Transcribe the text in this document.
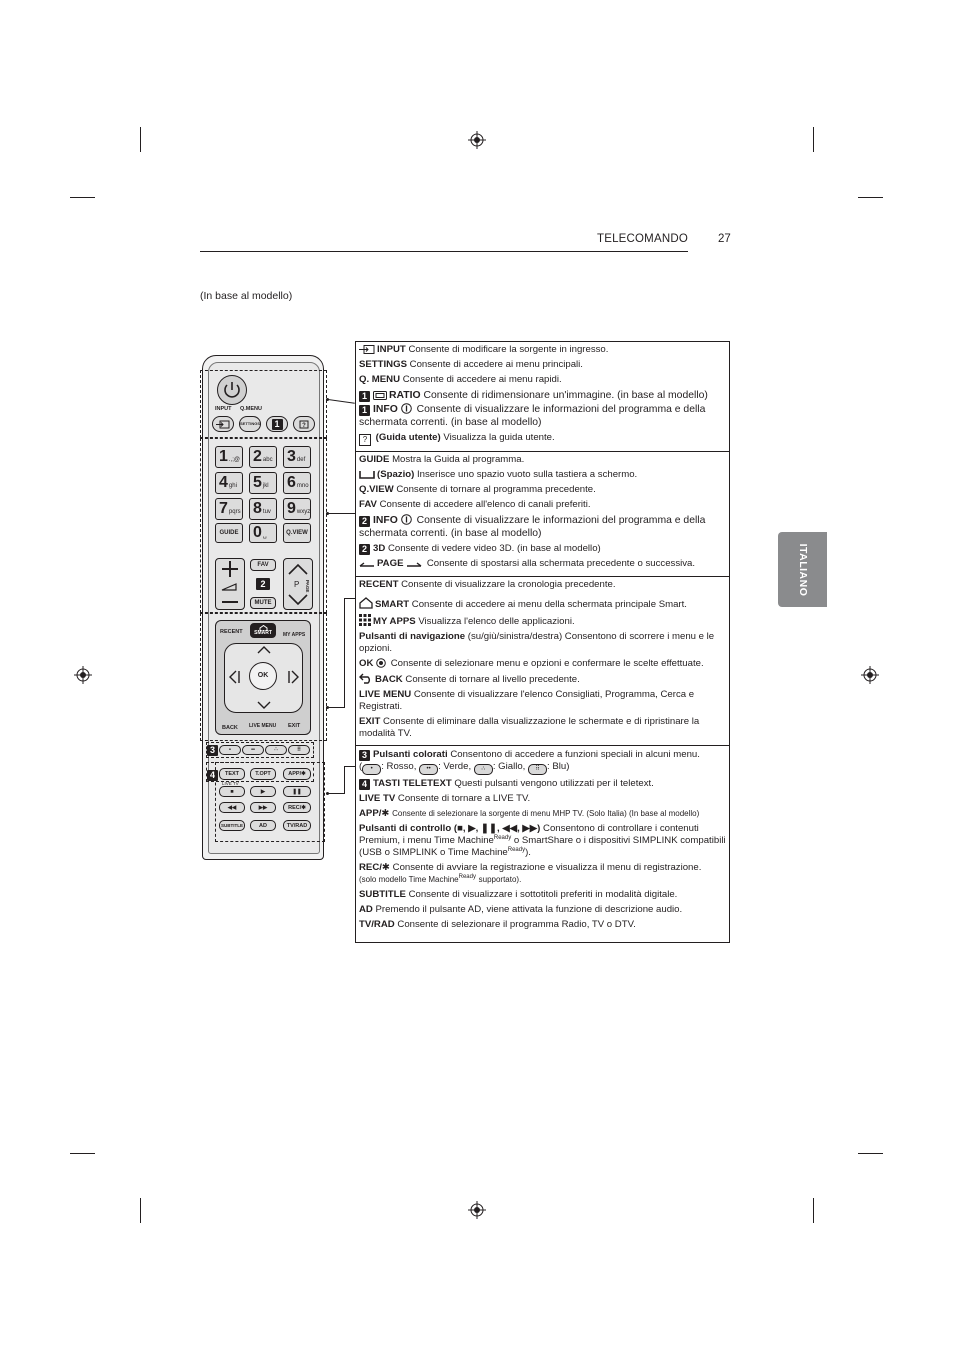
TELECOMANDO	27
(In base al modello)
ITALIANO
INPUT Q.MENU
SETTINGS	1	?
1 .,;@ 2 abc 3 def
4 ghi 5 jkl 6 mno
7 pqrs 8 tuv 9 wxyz
GUIDE 0 ␣	Q.VIEW
FAV
2
MUTE
P PAGE
RECENT SMART MY APPS
OK
BACK LIVE MENU EXIT
3	•	••	∴	⠿
4	TEXT	T.OPT	APP/✱
LIVE TV
■	▶	❚❚
◀◀	▶▶	REC/✱
SUBTITLE	AD	TV/RAD

INPUT Consente di modificare la sorgente in ingresso.

SETTINGS Consente di accedere ai menu principali.

Q. MENU Consente di accedere ai menu rapidi.

1 RATIO Consente di ridimensionare un'immagine. (in base al modello)

1 INFO Consente di visualizzare le informazioni del programma e della schermata correnti. (in base al modello)

? (Guida utente) Visualizza la guida utente.

GUIDE Mostra la Guida al programma.

(Spazio) Inserisce uno spazio vuoto sulla tastiera a schermo.

Q.VIEW Consente di tornare al programma precedente.

FAV Consente di accedere all'elenco di canali preferiti.

2 INFO Consente di visualizzare le informazioni del programma e della schermata correnti. (in base al modello)

2 3D Consente di vedere video 3D. (in base al modello)

PAGE Consente di spostarsi alla schermata precedente o successiva.

RECENT Consente di visualizzare la cronologia precedente.

SMART Consente di accedere ai menu della schermata principale Smart.

MY APPS Visualizza l'elenco delle applicazioni.

Pulsanti di navigazione (su/giù/sinistra/destra) Consentono di scorrere i menu e le opzioni.

OK Consente di selezionare menu e opzioni e confermare le scelte effettuate.

BACK Consente di tornare al livello precedente.

LIVE MENU Consente di visualizzare l'elenco Consigliati, Programma, Cerca e Registrati.

EXIT Consente di eliminare dalla visualizzazione le schermate e di ripristinare la modalità TV.

3 Pulsanti colorati Consentono di accedere a funzioni speciali in alcuni menu.
( • : Rosso, •• : Verde, ∴ : Giallo, ⠿ : Blu)

4 TASTI TELETEXT Questi pulsanti vengono utilizzati per il teletext.

LIVE TV Consente di tornare a LIVE TV.

APP/✱ Consente di selezionare la sorgente di menu MHP TV. (Solo Italia) (In base al modello)

Pulsanti di controllo (■, ▶, ❚❚, ◀◀, ▶▶) Consentono di controllare i contenuti Premium, i menu Time Machine$^{Ready}$ o SmartShare o i dispositivi SIMPLINK compatibili (USB o SIMPLINK o Time Machine$^{Ready}$).

REC/✱ Consente di avviare la registrazione e visualizza il menu di registrazione.
(solo modello Time Machine$^{Ready}$ supportato).

SUBTITLE Consente di visualizzare i sottotitoli preferiti in modalità digitale.

AD Premendo il pulsante AD, viene attivata la funzione di descrizione audio.

TV/RAD Consente di selezionare il programma Radio, TV o DTV.
